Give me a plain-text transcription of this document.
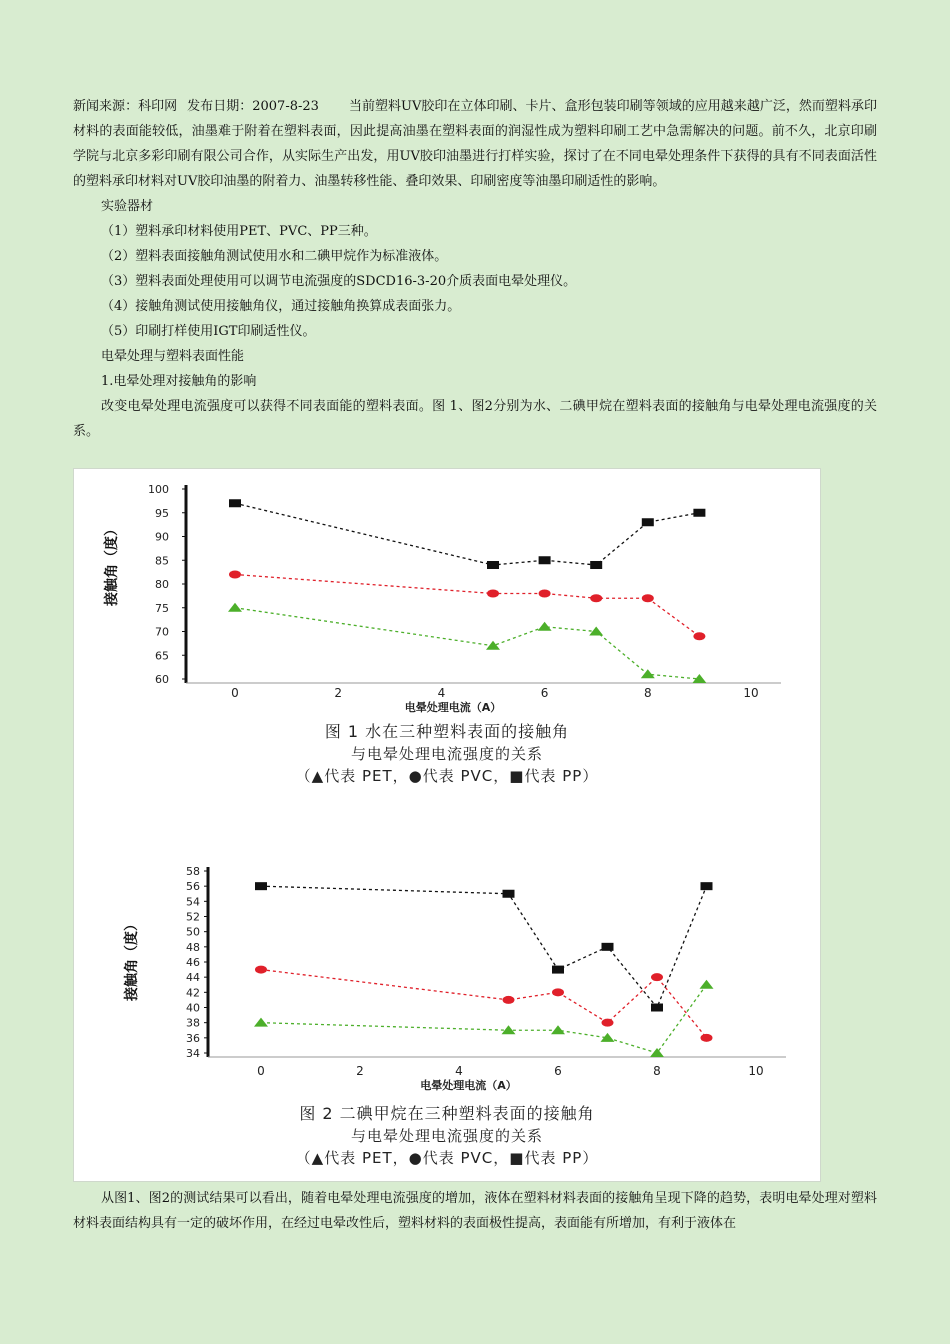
新闻来源：科印网 发布日期：2007-8-23 当前塑料UV胶印在立体印刷、卡片、盒形包装印刷等领域的应用越来越广泛，然而塑料承印材料的表面能较低，油墨难于附着在塑料表面，因此提高油墨在塑料表面的润湿性成为塑料印刷工艺中急需解决的问题。前不久，北京印刷学院与北京多彩印刷有限公司合作，从实际生产出发，用UV胶印油墨进行打样实验，探讨了在不同电晕处理条件下获得的具有不同表面活性的塑料承印材料对UV胶印油墨的附着力、油墨转移性能、叠印效果、印刷密度等油墨印刷适性的影响。

实验器材

（1）塑料承印材料使用PET、PVC、PP三种。

（2）塑料表面接触角测试使用水和二碘甲烷作为标准液体。

（3）塑料表面处理使用可以调节电流强度的SDCD16-3-20介质表面电晕处理仪。

（4）接触角测试使用接触角仪，通过接触角换算成表面张力。

（5）印刷打样使用IGT印刷适性仪。

电晕处理与塑料表面性能

1.电晕处理对接触角的影响

改变电晕处理电流强度可以获得不同表面能的塑料表面。图 1、图2分别为水、二碘甲烷在塑料表面的接触角与电晕处理电流强度的关系。

60
65
70
75
80
85
90
95
100
0	2	4	6	8	10
电晕处理电流（A）
接触角（度）
图 1 水在三种塑料表面的接触角
与电晕处理电流强度的关系
（▲代表 PET，●代表 PVC，■代表 PP）
34
36
38
40
42
44
46
48
50
52
54
56
58
0	2	4	6	8	10
电晕处理电流（A）
接触角（度）
图 2 二碘甲烷在三种塑料表面的接触角
与电晕处理电流强度的关系
（▲代表 PET，●代表 PVC，■代表 PP）

从图1、图2的测试结果可以看出，随着电晕处理电流强度的增加，液体在塑料材料表面的接触角呈现下降的趋势，表明电晕处理对塑料材料表面结构具有一定的破坏作用，在经过电晕改性后，塑料材料的表面极性提高，表面能有所增加，有利于液体在
